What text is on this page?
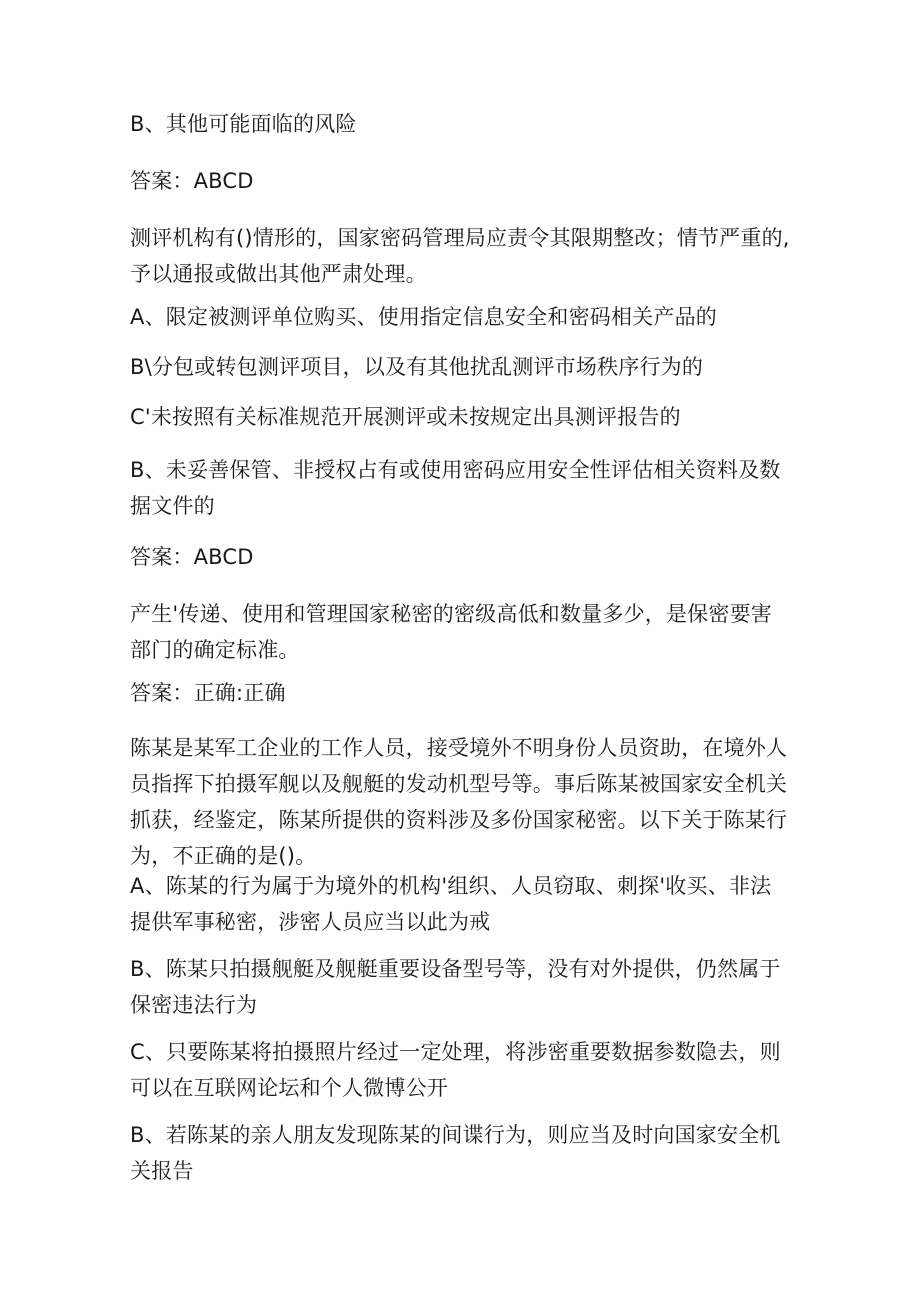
B、其他可能面临的风险

答案：ABCD

测评机构有()情形的，国家密码管理局应责令其限期整改；情节严重的,予以通报或做出其他严肃处理。

A、限定被测评单位购买、使用指定信息安全和密码相关产品的

B\分包或转包测评项目，以及有其他扰乱测评市场秩序行为的

C'未按照有关标准规范开展测评或未按规定出具测评报告的

B、未妥善保管、非授权占有或使用密码应用安全性评估相关资料及数据文件的

答案：ABCD

产生'传递、使用和管理国家秘密的密级高低和数量多少，是保密要害部门的确定标准。

答案：正确:正确

陈某是某军工企业的工作人员，接受境外不明身份人员资助，在境外人员指挥下拍摄军舰以及舰艇的发动机型号等。事后陈某被国家安全机关抓获，经鉴定，陈某所提供的资料涉及多份国家秘密。以下关于陈某行为，不正确的是()。

A、陈某的行为属于为境外的机构'组织、人员窃取、刺探'收买、非法提供军事秘密，涉密人员应当以此为戒

B、陈某只拍摄舰艇及舰艇重要设备型号等，没有对外提供，仍然属于保密违法行为

C、只要陈某将拍摄照片经过一定处理，将涉密重要数据参数隐去，则可以在互联网论坛和个人微博公开

B、若陈某的亲人朋友发现陈某的间谍行为，则应当及时向国家安全机关报告
